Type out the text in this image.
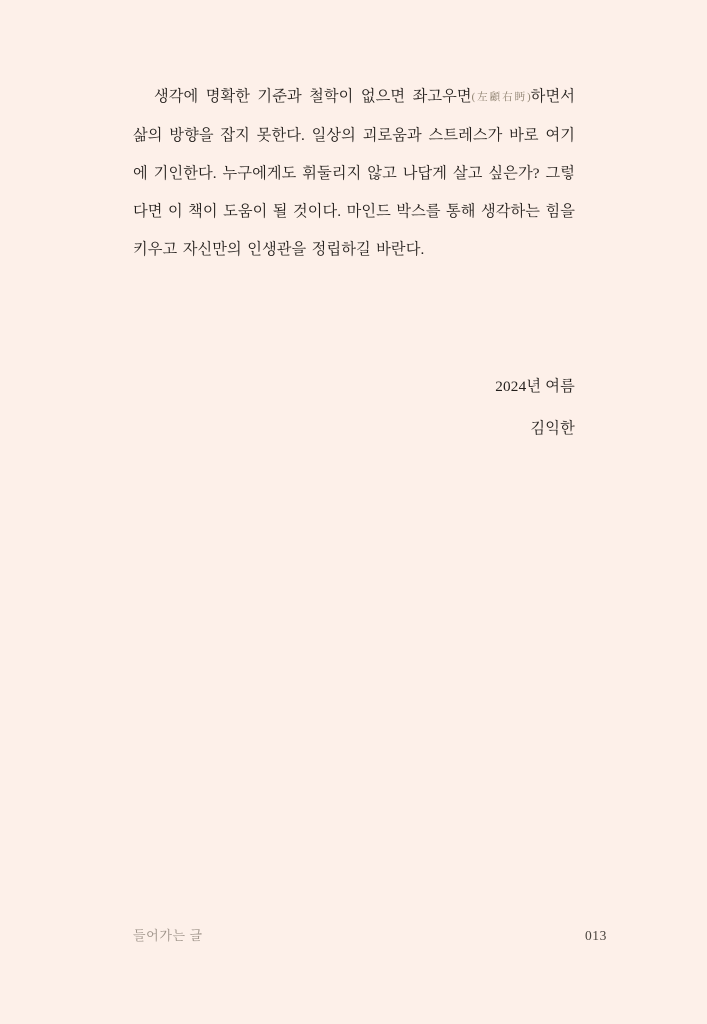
생각에 명확한 기준과 철학이 없으면 좌고우면(左顧右眄)하면서 삶의 방향을 잡지 못한다. 일상의 괴로움과 스트레스가 바로 여기에 기인한다. 누구에게도 휘둘리지 않고 나답게 살고 싶은가? 그렇다면 이 책이 도움이 될 것이다. 마인드 박스를 통해 생각하는 힘을 키우고 자신만의 인생관을 정립하길 바란다.

2024년 여름
김익한
들어가는 글	013
